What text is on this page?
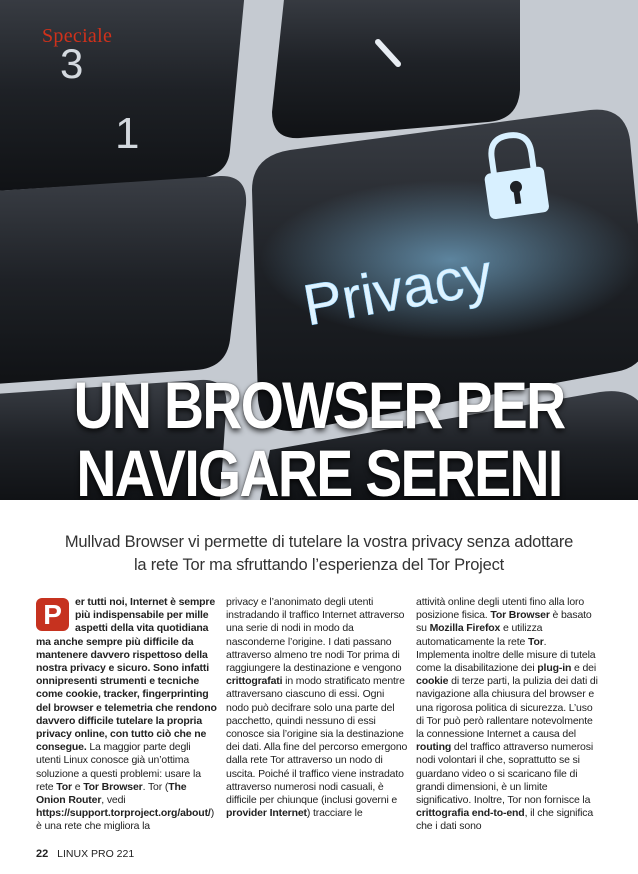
3
1
Privacy
Speciale
UN BROWSER PER
NAVIGARE SERENI
Mullvad Browser vi permette di tutelare la vostra privacy senza adottare
la rete Tor ma sfruttando l’esperienza del Tor Project
P	er tutti noi, Internet è sempre più indispensabile per mille aspetti della vita quotidiana ma anche sempre più difficile da mantenere davvero rispettoso della nostra privacy e sicuro. Sono infatti onnipresenti strumenti e tecniche come cookie, tracker, fingerprinting del browser e telemetria che rendono davvero difficile tutelare la propria privacy online, con tutto ciò che ne consegue. La maggior parte degli utenti Linux conosce già un’ottima soluzione a questi problemi: usare la rete Tor e Tor Browser. Tor (The Onion Router, vedi https://support.torproject.org/about/) è una rete che migliora la

privacy e l’anonimato degli utenti instradando il traffico Internet attraverso una serie di nodi in modo da nasconderne l’origine. I dati passano attraverso almeno tre nodi Tor prima di raggiungere la destinazione e vengono crittografati in modo stratificato mentre attraversano ciascuno di essi. Ogni nodo può decifrare solo una parte del pacchetto, quindi nessuno di essi conosce sia l’origine sia la destinazione dei dati. Alla fine del percorso emergono dalla rete Tor attraverso un nodo di uscita. Poiché il traffico viene instradato attraverso numerosi nodi casuali, è difficile per chiunque (inclusi governi e provider Internet) tracciare le

attività online degli utenti fino alla loro posizione fisica. Tor Browser è basato su Mozilla Firefox e utilizza automaticamente la rete Tor. Implementa inoltre delle misure di tutela come la disabilitazione dei plug-in e dei cookie di terze parti, la pulizia dei dati di navigazione alla chiusura del browser e una rigorosa politica di sicurezza. L’uso di Tor può però rallentare notevolmente la connessione Internet a causa del routing del traffico attraverso numerosi nodi volontari il che, soprattutto se si guardano video o si scaricano file di grandi dimensioni, è un limite significativo. Inoltre, Tor non fornisce la crittografia end-to-end, il che significa che i dati sono

22 LINUX PRO 221
